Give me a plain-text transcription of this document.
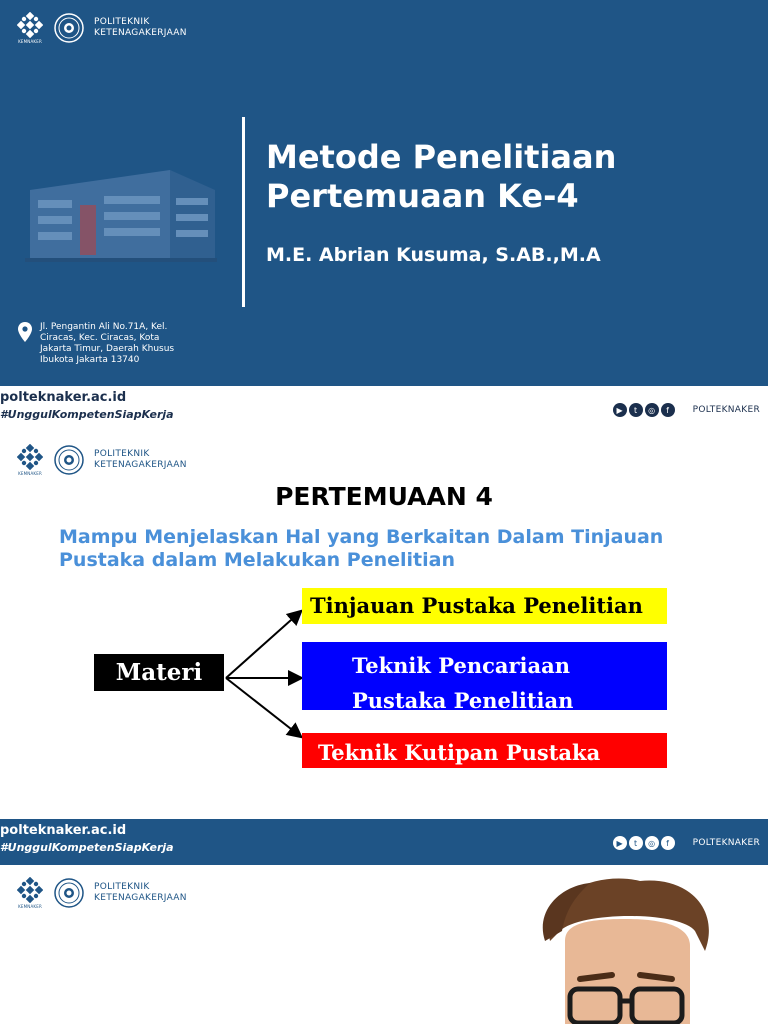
KEMNAKER
POLITEKNIK
KETENAGAKERJAAN
Metode Penelitiaan
Pertemuaan Ke-4
M.E. Abrian Kusuma, S.AB.,M.A
Jl. Pengantin Ali No.71A, Kel. Ciracas, Kec. Ciracas, Kota Jakarta Timur, Daerah Khusus Ibukota Jakarta 13740
polteknaker.ac.id
#UnggulKompetenSiapKerja	▶	t	◎	f	POLTEKNAKER
KEMNAKER
POLITEKNIK
KETENAGAKERJAAN
PERTEMUAAN 4

Mampu Menjelaskan Hal yang Berkaitan Dalam Tinjauan Pustaka dalam Melakukan Penelitian

Materi
Tinjauan Pustaka Penelitian
Teknik Pencariaan
Pustaka Penelitian
Teknik Kutipan Pustaka
polteknaker.ac.id
#UnggulKompetenSiapKerja	▶	t	◎	f	POLTEKNAKER
KEMNAKER
POLITEKNIK
KETENAGAKERJAAN
